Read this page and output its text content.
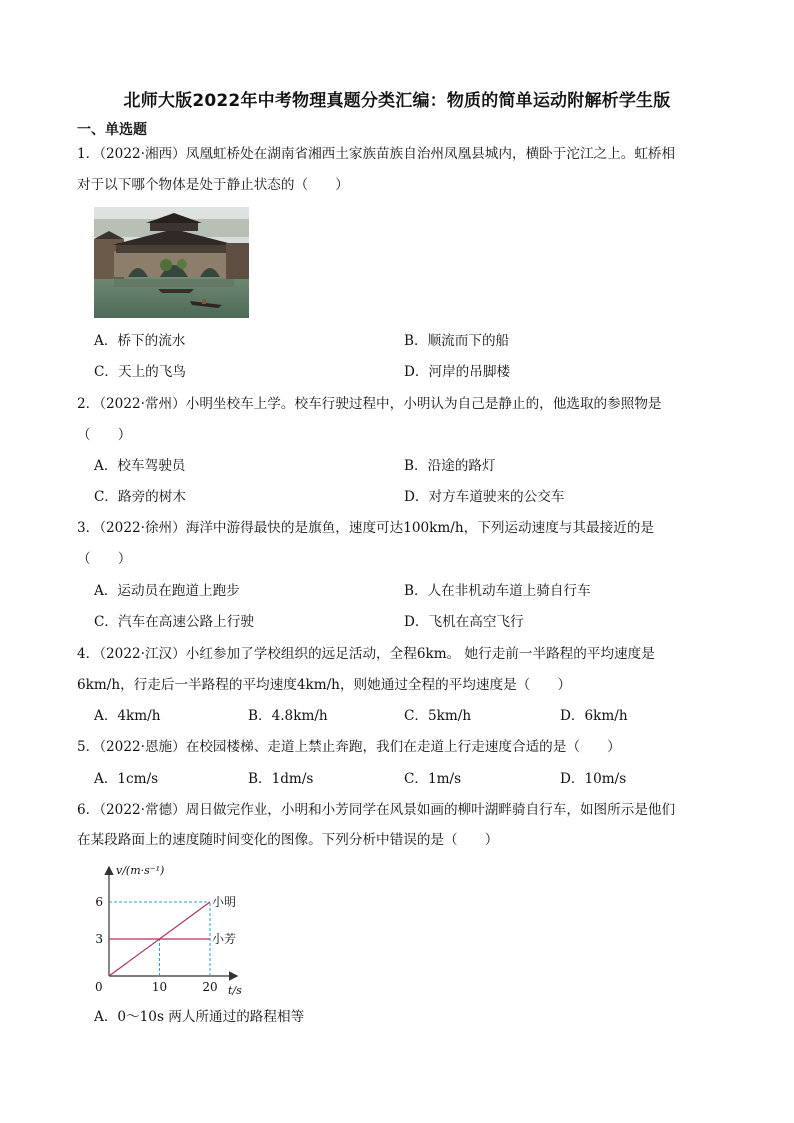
北师大版2022年中考物理真题分类汇编：物质的简单运动附解析学生版
一、单选题
1．（2022·湘西）凤凰虹桥处在湖南省湘西土家族苗族自治州凤凰县城内，横卧于沱江之上。虹桥相
对于以下哪个物体是处于静止状态的（　　）
A．桥下的流水	B．顺流而下的船
C．天上的飞鸟	D．河岸的吊脚楼
2．（2022·常州）小明坐校车上学。校车行驶过程中，小明认为自己是静止的，他选取的参照物是
（　　）
A．校车驾驶员	B．沿途的路灯
C．路旁的树木	D．对方车道驶来的公交车
3．（2022·徐州）海洋中游得最快的是旗鱼，速度可达100km/h，下列运动速度与其最接近的是
（　　）
A．运动员在跑道上跑步	B．人在非机动车道上骑自行车
C．汽车在高速公路上行驶	D．飞机在高空飞行
4．（2022·江汉）小红参加了学校组织的远足活动，全程6km。 她行走前一半路程的平均速度是
6km/h，行走后一半路程的平均速度4km/h，则她通过全程的平均速度是（　　）
A．4km/h	B．4.8km/h	C．5km/h	D．6km/h
5．（2022·恩施）在校园楼梯、走道上禁止奔跑，我们在走道上行走速度合适的是（　　）
A．1cm/s	B．1dm/s	C．1m/s	D．10m/s
6．（2022·常德）周日做完作业，小明和小芳同学在风景如画的柳叶湖畔骑自行车，如图所示是他们
在某段路面上的速度随时间变化的图像。下列分析中错误的是（　　）
v/(m·s⁻¹)
t/s
0	10	20
3
6	小明
小芳
A．0～10s 两人所通过的路程相等
